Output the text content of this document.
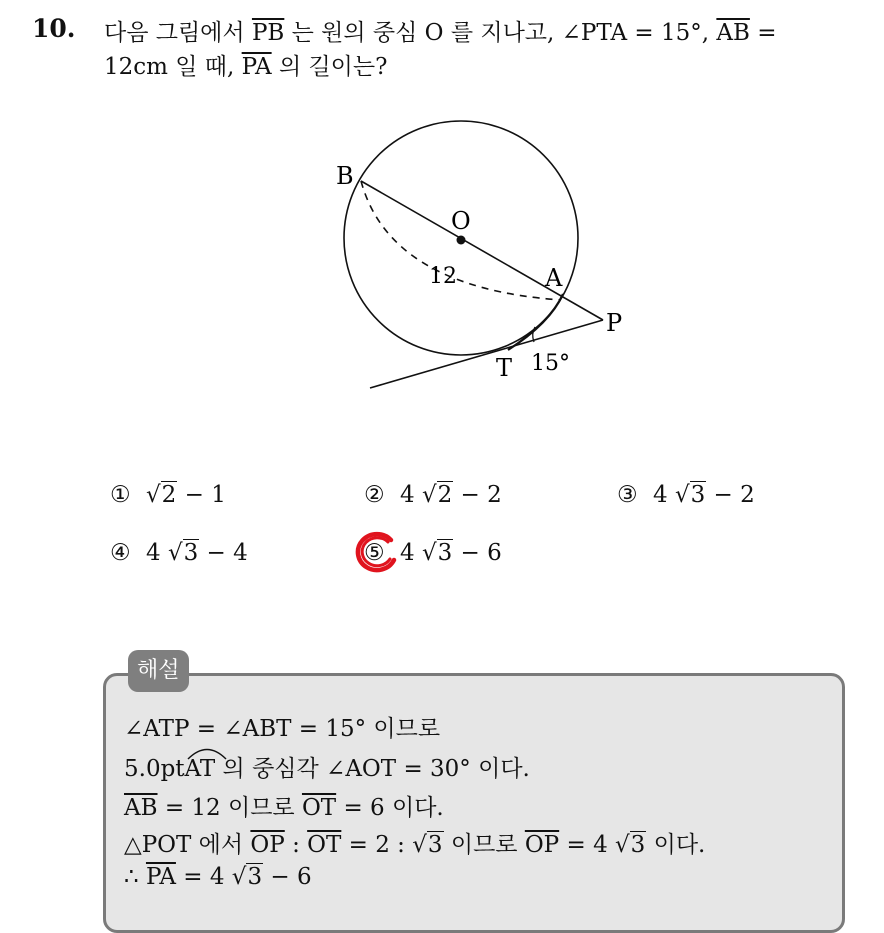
10. 다음 그림에서 $\overline{PB}$ 는 원의 중심 O 를 지나고, ∠PTA = 15°, $\overline{AB}$ =
12cm 일 때, $\overline{PA}$ 의 길이는?
B
O
A
P
T
12
15°
① √2 − 1	② 4 √2 − 2	③ 4 √3 − 2
④ 4 √3 − 4	⑤ 4 √3 − 6
해설
∠ATP = ∠ABT = 15° 이므로
5.0pt
AT 의 중심각 ∠AOT = 30° 이다.
$\overline{AB} = 12$ 이므로 $\overline{OT} = 6$ 이다.
△POT 에서 $\overline{OP}$ : $\overline{OT} = 2$ : √3 이므로 $\overline{OP} = 4$ √3 이다.
∴ $\overline{PA} = 4$ √3 − 6
